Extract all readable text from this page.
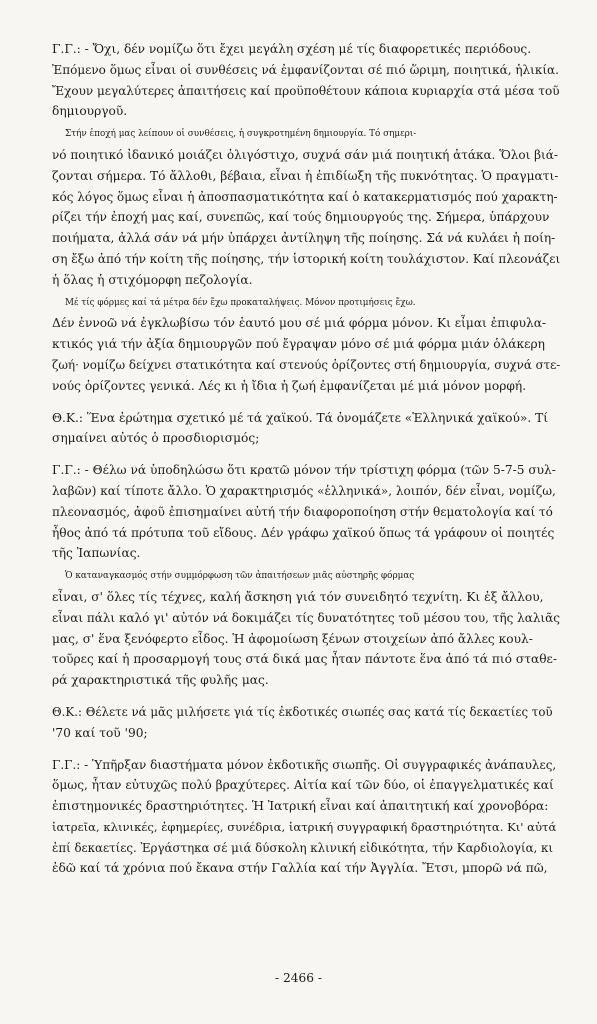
Γ.Γ.: - Ὄχι, δέν νομίζω ὅτι ἔχει μεγάλη σχέση μέ τίς διαφορετικές περιόδους.
Ἐπόμενο ὅμως εἶναι οἱ συνθέσεις νά ἐμφανίζονται σέ πιό ὥριμη, ποιητικά, ἡλικία.
Ἔχουν μεγαλύτερες ἀπαιτήσεις καί προϋποθέτουν κάποια κυριαρχία στά μέσα τοῦ
δημιουργοῦ.

Στήν ἐποχή μας λείπουν οἱ συνθέσεις, ἡ συγκροτημένη δημιουργία. Τό σημερι-
νό ποιητικό ἰδανικό μοιάζει ὀλιγόστιχο, συχνά σάν μιά ποιητική ἀτάκα. Ὅλοι βιά-
ζονται σήμερα. Τό ἄλλοθι, βέβαια, εἶναι ἡ ἐπιδίωξη τῆς πυκνότητας. Ὁ πραγματι-
κός λόγος ὅμως εἶναι ἡ ἀποσπασματικότητα καί ὁ κατακερματισμός πού χαρακτη-
ρίζει τήν ἐποχή μας καί, συνεπῶς, καί τούς δημιουργούς της. Σήμερα, ὑπάρχουν
ποιήματα, ἀλλά σάν νά μήν ὑπάρχει ἀντίληψη τῆς ποίησης. Σά νά κυλάει ἡ ποίη-
ση ἔξω ἀπό τήν κοίτη τῆς ποίησης, τήν ἱστορική κοίτη τουλάχιστον. Καί πλεονάζει
ἡ ὅλας ἡ στιχόμορφη πεζολογία.

Μέ τίς φόρμες καί τά μέτρα δέν ἔχω προκαταλήψεις. Μόνον προτιμήσεις ἔχω.
Δέν ἐννοῶ νά ἐγκλωβίσω τόν ἑαυτό μου σέ μιά φόρμα μόνον. Κι εἶμαι ἐπιφυλα-
κτικός γιά τήν ἀξία δημιουργῶν πού ἔγραψαν μόνο σέ μιά φόρμα μιάν ὁλάκερη
ζωή· νομίζω δείχνει στατικότητα καί στενούς ὁρίζοντες στή δημιουργία, συχνά στε-
νούς ὁρίζοντες γενικά. Λές κι ἡ ἴδια ἡ ζωή ἐμφανίζεται μέ μιά μόνον μορφή.

Θ.Κ.: Ἕνα ἐρώτημα σχετικό μέ τά χαϊκού. Τά ὀνομάζετε «Ἑλληνικά χαϊκού». Τί
σημαίνει αὐτός ὁ προσδιορισμός;

Γ.Γ.: - Θέλω νά ὑποδηλώσω ὅτι κρατῶ μόνον τήν τρίστιχη φόρμα (τῶν 5-7-5 συλ-
λαβῶν) καί τίποτε ἄλλο. Ὁ χαρακτηρισμός «ἑλληνικά», λοιπόν, δέν εἶναι, νομίζω,
πλεονασμός, ἀφοῦ ἐπισημαίνει αὐτή τήν διαφοροποίηση στήν θεματολογία καί τό
ἦθος ἀπό τά πρότυπα τοῦ εἴδους. Δέν γράφω χαϊκού ὅπως τά γράφουν οἱ ποιητές
τῆς Ἰαπωνίας.

Ὁ καταναγκασμός στήν συμμόρφωση τῶν ἀπαιτήσεων μιᾶς αὐστηρῆς φόρμας
εἶναι, σ' ὅλες τίς τέχνες, καλή ἄσκηση γιά τόν συνειδητό τεχνίτη. Κι ἐξ ἄλλου,
εἶναι πάλι καλό γι' αὐτόν νά δοκιμάζει τίς δυνατότητες τοῦ μέσου του, τῆς λαλιᾶς
μας, σ' ἕνα ξενόφερτο εἶδος. Ἡ ἀφομοίωση ξένων στοιχείων ἀπό ἄλλες κουλ-
τοῦρες καί ἡ προσαρμογή τους στά δικά μας ἦταν πάντοτε ἕνα ἀπό τά πιό σταθε-
ρά χαρακτηριστικά τῆς φυλῆς μας.

Θ.Κ.: Θέλετε νά μᾶς μιλήσετε γιά τίς ἐκδοτικές σιωπές σας κατά τίς δεκαετίες τοῦ
'70 καί τοῦ '90;

Γ.Γ.: - Ὑπῆρξαν διαστήματα μόνον ἐκδοτικῆς σιωπῆς. Οἱ συγγραφικές ἀνάπαυλες,
ὅμως, ἦταν εὐτυχῶς πολύ βραχύτερες. Αἰτία καί τῶν δύο, οἱ ἐπαγγελματικές καί
ἐπιστημονικές δραστηριότητες. Ἡ Ἰατρική εἶναι καί ἀπαιτητική καί χρονοβόρα:
ἰατρεῖα, κλινικές, ἐφημερίες, συνέδρια, ἰατρική συγγραφική δραστηριότητα. Κι' αὐτά
ἐπί δεκαετίες. Ἐργάστηκα σέ μιά δύσκολη κλινική εἰδικότητα, τήν Καρδιολογία, κι
ἐδῶ καί τά χρόνια πού ἔκανα στήν Γαλλία καί τήν Ἀγγλία. Ἔτσι, μπορῶ νά πῶ,

- 2466 -
